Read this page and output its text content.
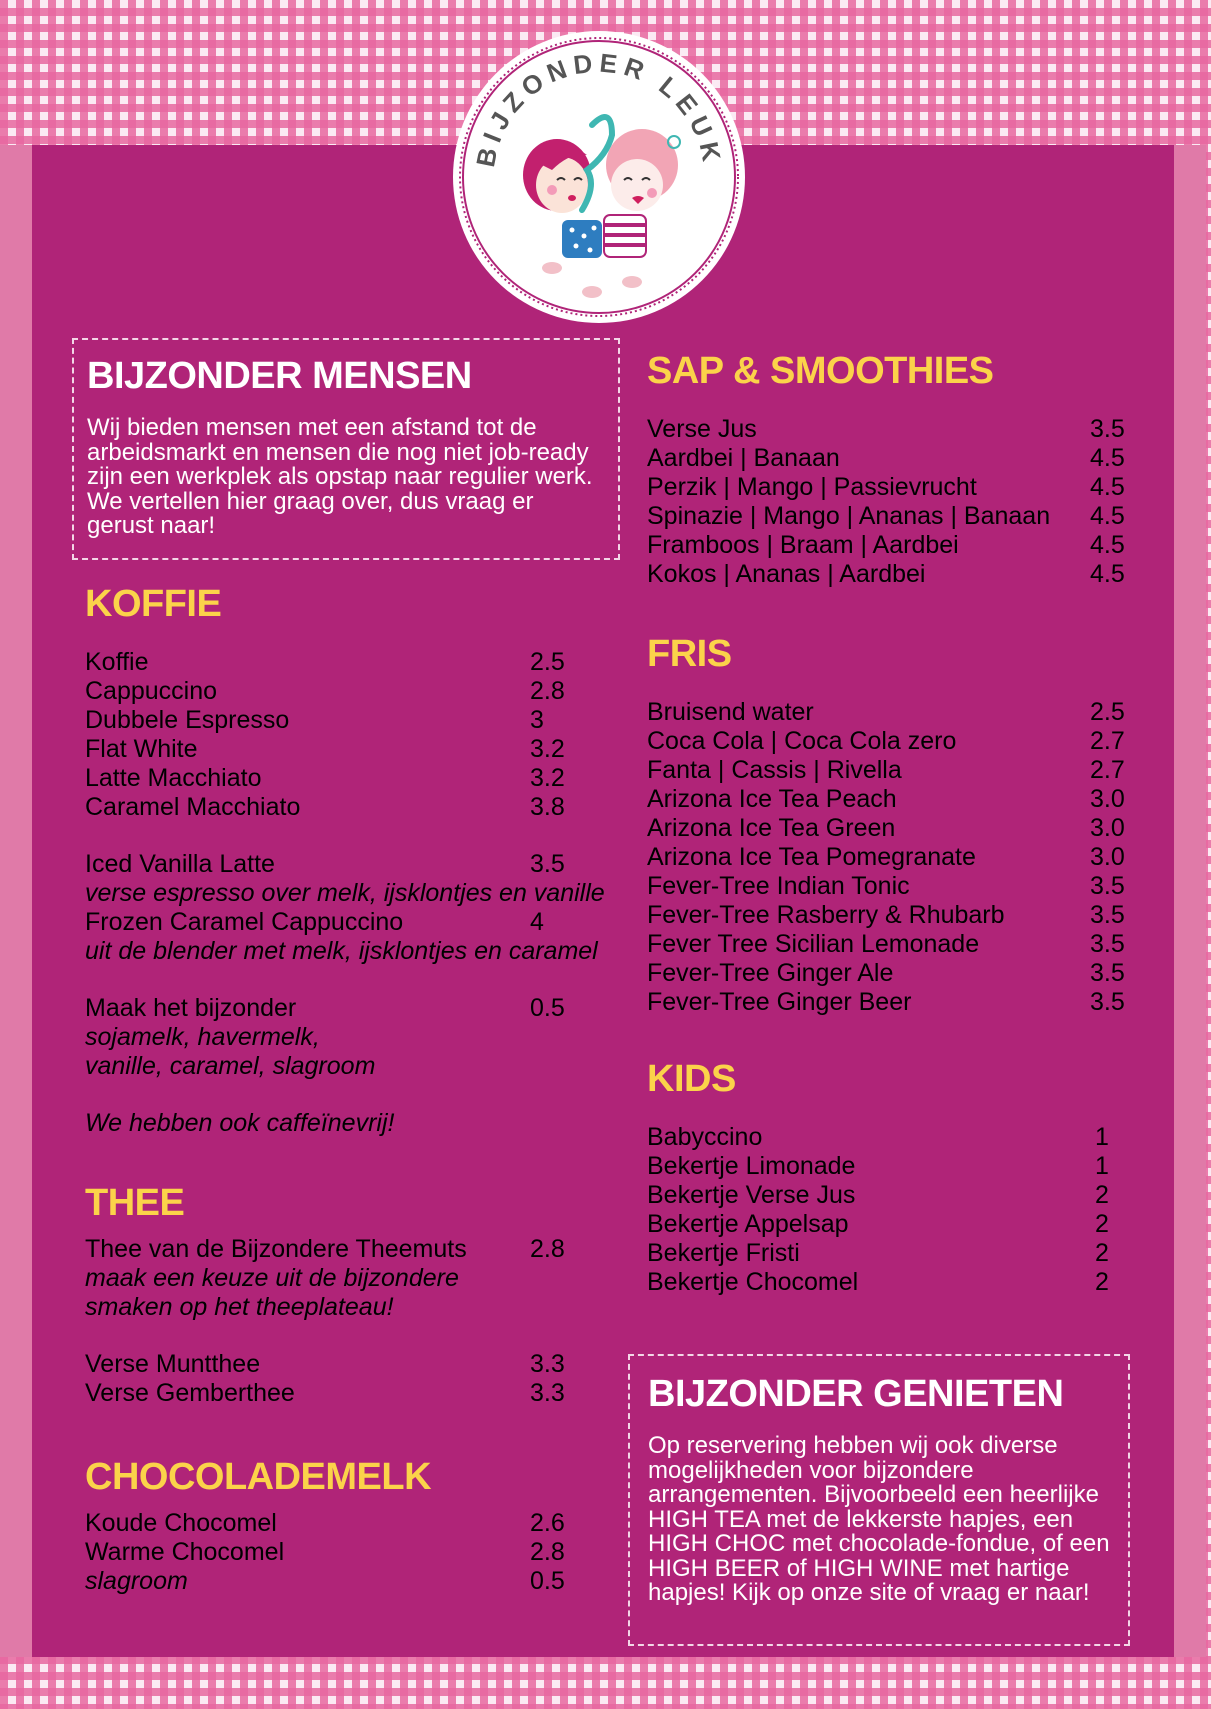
BIJZONDER LEUK
BIJZONDER MENSEN

Wij bieden mensen met een afstand tot de arbeidsmarkt en mensen die nog niet job-ready zijn een werkplek als opstap naar regulier werk. We vertellen hier graag over, dus vraag er gerust naar!

KOFFIE
Koffie	2.5
Cappuccino	2.8
Dubbele Espresso	3
Flat White	3.2
Latte Macchiato	3.2
Caramel Macchiato	3.8
Iced Vanilla Latte	3.5
verse espresso over melk, ijsklontjes en vanille
Frozen Caramel Cappuccino	4
uit de blender met melk, ijsklontjes en caramel
Maak het bijzonder	0.5
sojamelk, havermelk,
vanille, caramel, slagroom
We hebben ook caffeïnevrij!
THEE
Thee van de Bijzondere Theemuts	2.8
maak een keuze uit de bijzondere
smaken op het theeplateau!
Verse Muntthee	3.3
Verse Gemberthee	3.3
CHOCOLADEMELK
Koude Chocomel	2.6
Warme Chocomel	2.8
slagroom	0.5
SAP & SMOOTHIES
Verse Jus	3.5
Aardbei | Banaan	4.5
Perzik | Mango | Passievrucht	4.5
Spinazie | Mango | Ananas | Banaan 4.5
Framboos | Braam | Aardbei	4.5
Kokos | Ananas | Aardbei	4.5
FRIS
Bruisend water	2.5
Coca Cola | Coca Cola zero	2.7
Fanta | Cassis | Rivella	2.7
Arizona Ice Tea Peach	3.0
Arizona Ice Tea Green	3.0
Arizona Ice Tea Pomegranate	3.0
Fever-Tree Indian Tonic	3.5
Fever-Tree Rasberry & Rhubarb	3.5
Fever Tree Sicilian Lemonade	3.5
Fever-Tree Ginger Ale	3.5
Fever-Tree Ginger Beer	3.5
KIDS
Babyccino	1
Bekertje Limonade	1
Bekertje Verse Jus	2
Bekertje Appelsap	2
Bekertje Fristi	2
Bekertje Chocomel	2
BIJZONDER GENIETEN

Op reservering hebben wij ook diverse mogelijkheden voor bijzondere arrangementen. Bijvoorbeeld een heerlijke HIGH TEA met de lekkerste hapjes, een HIGH CHOC met chocolade-fondue, of een HIGH BEER of HIGH WINE met hartige hapjes! Kijk op onze site of vraag er naar!
